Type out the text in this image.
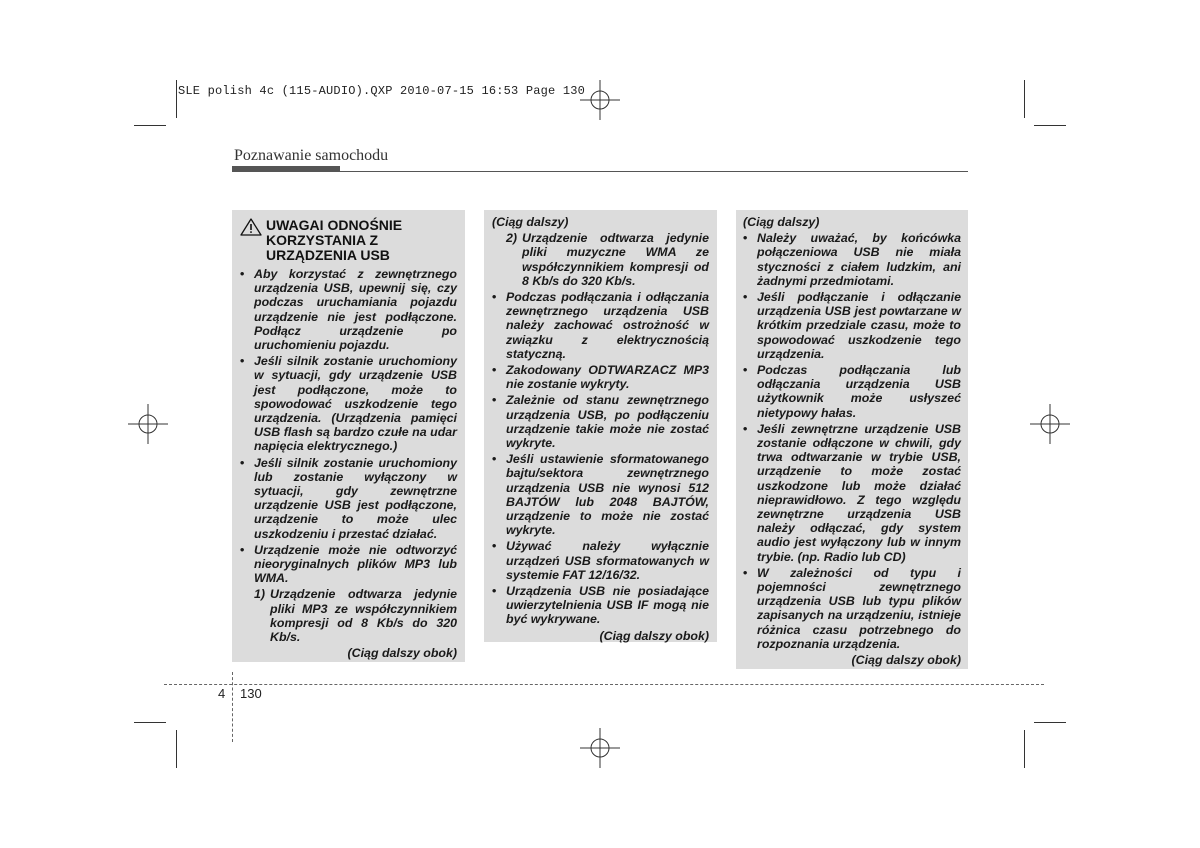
SLE polish 4c (115-AUDIO).QXP 2010-07-15 16:53 Page 130
Poznawanie samochodu
UWAGAI ODNOŚNIE KORZYSTANIA Z URZĄDZENIA USB
• Aby korzystać z zewnętrznego urządzenia USB, upewnij się, czy podczas uruchamiania pojazdu urządzenie nie jest podłączone. Podłącz urządzenie po uruchomieniu pojazdu.
• Jeśli silnik zostanie uruchomiony w sytuacji, gdy urządzenie USB jest podłączone, może to spowodować uszkodzenie tego urządzenia. (Urządzenia pamięci USB flash są bardzo czułe na udar napięcia elektrycznego.)
• Jeśli silnik zostanie uruchomiony lub zostanie wyłączony w sytuacji, gdy zewnętrzne urządzenie USB jest podłączone, urządzenie to może ulec uszkodzeniu i przestać działać.
• Urządzenie może nie odtworzyć nieoryginalnych plików MP3 lub WMA.
1) Urządzenie odtwarza jedynie pliki MP3 ze współczynnikiem kompresji od 8 Kb/s do 320 Kb/s.
(Ciąg dalszy obok)
(Ciąg dalszy)
2) Urządzenie odtwarza jedynie pliki muzyczne WMA ze współczynnikiem kompresji od 8 Kb/s do 320 Kb/s.
• Podczas podłączania i odłączania zewnętrznego urządzenia USB należy zachować ostrożność w związku z elektrycznością statyczną.
• Zakodowany ODTWARZACZ MP3 nie zostanie wykryty.
• Zależnie od stanu zewnętrznego urządzenia USB, po podłączeniu urządzenie takie może nie zostać wykryte.
• Jeśli ustawienie sformatowanego bajtu/sektora zewnętrznego urządzenia USB nie wynosi 512 BAJTÓW lub 2048 BAJTÓW, urządzenie to może nie zostać wykryte.
• Używać należy wyłącznie urządzeń USB sformatowanych w systemie FAT 12/16/32.
• Urządzenia USB nie posiadające uwierzytelnienia USB IF mogą nie być wykrywane.
(Ciąg dalszy obok)
(Ciąg dalszy)
• Należy uważać, by końcówka połączeniowa USB nie miała styczności z ciałem ludzkim, ani żadnymi przedmiotami.
• Jeśli podłączanie i odłączanie urządzenia USB jest powtarzane w krótkim przedziale czasu, może to spowodować uszkodzenie tego urządzenia.
• Podczas podłączania lub odłączania urządzenia USB użytkownik może usłyszeć nietypowy hałas.
• Jeśli zewnętrzne urządzenie USB zostanie odłączone w chwili, gdy trwa odtwarzanie w trybie USB, urządzenie to może zostać uszkodzone lub może działać nieprawidłowo. Z tego względu zewnętrzne urządzenia USB należy odłączać, gdy system audio jest wyłączony lub w innym trybie. (np. Radio lub CD)
• W zależności od typu i pojemności zewnętrznego urządzenia USB lub typu plików zapisanych na urządzeniu, istnieje różnica czasu potrzebnego do rozpoznania urządzenia.
(Ciąg dalszy obok)
4 130
